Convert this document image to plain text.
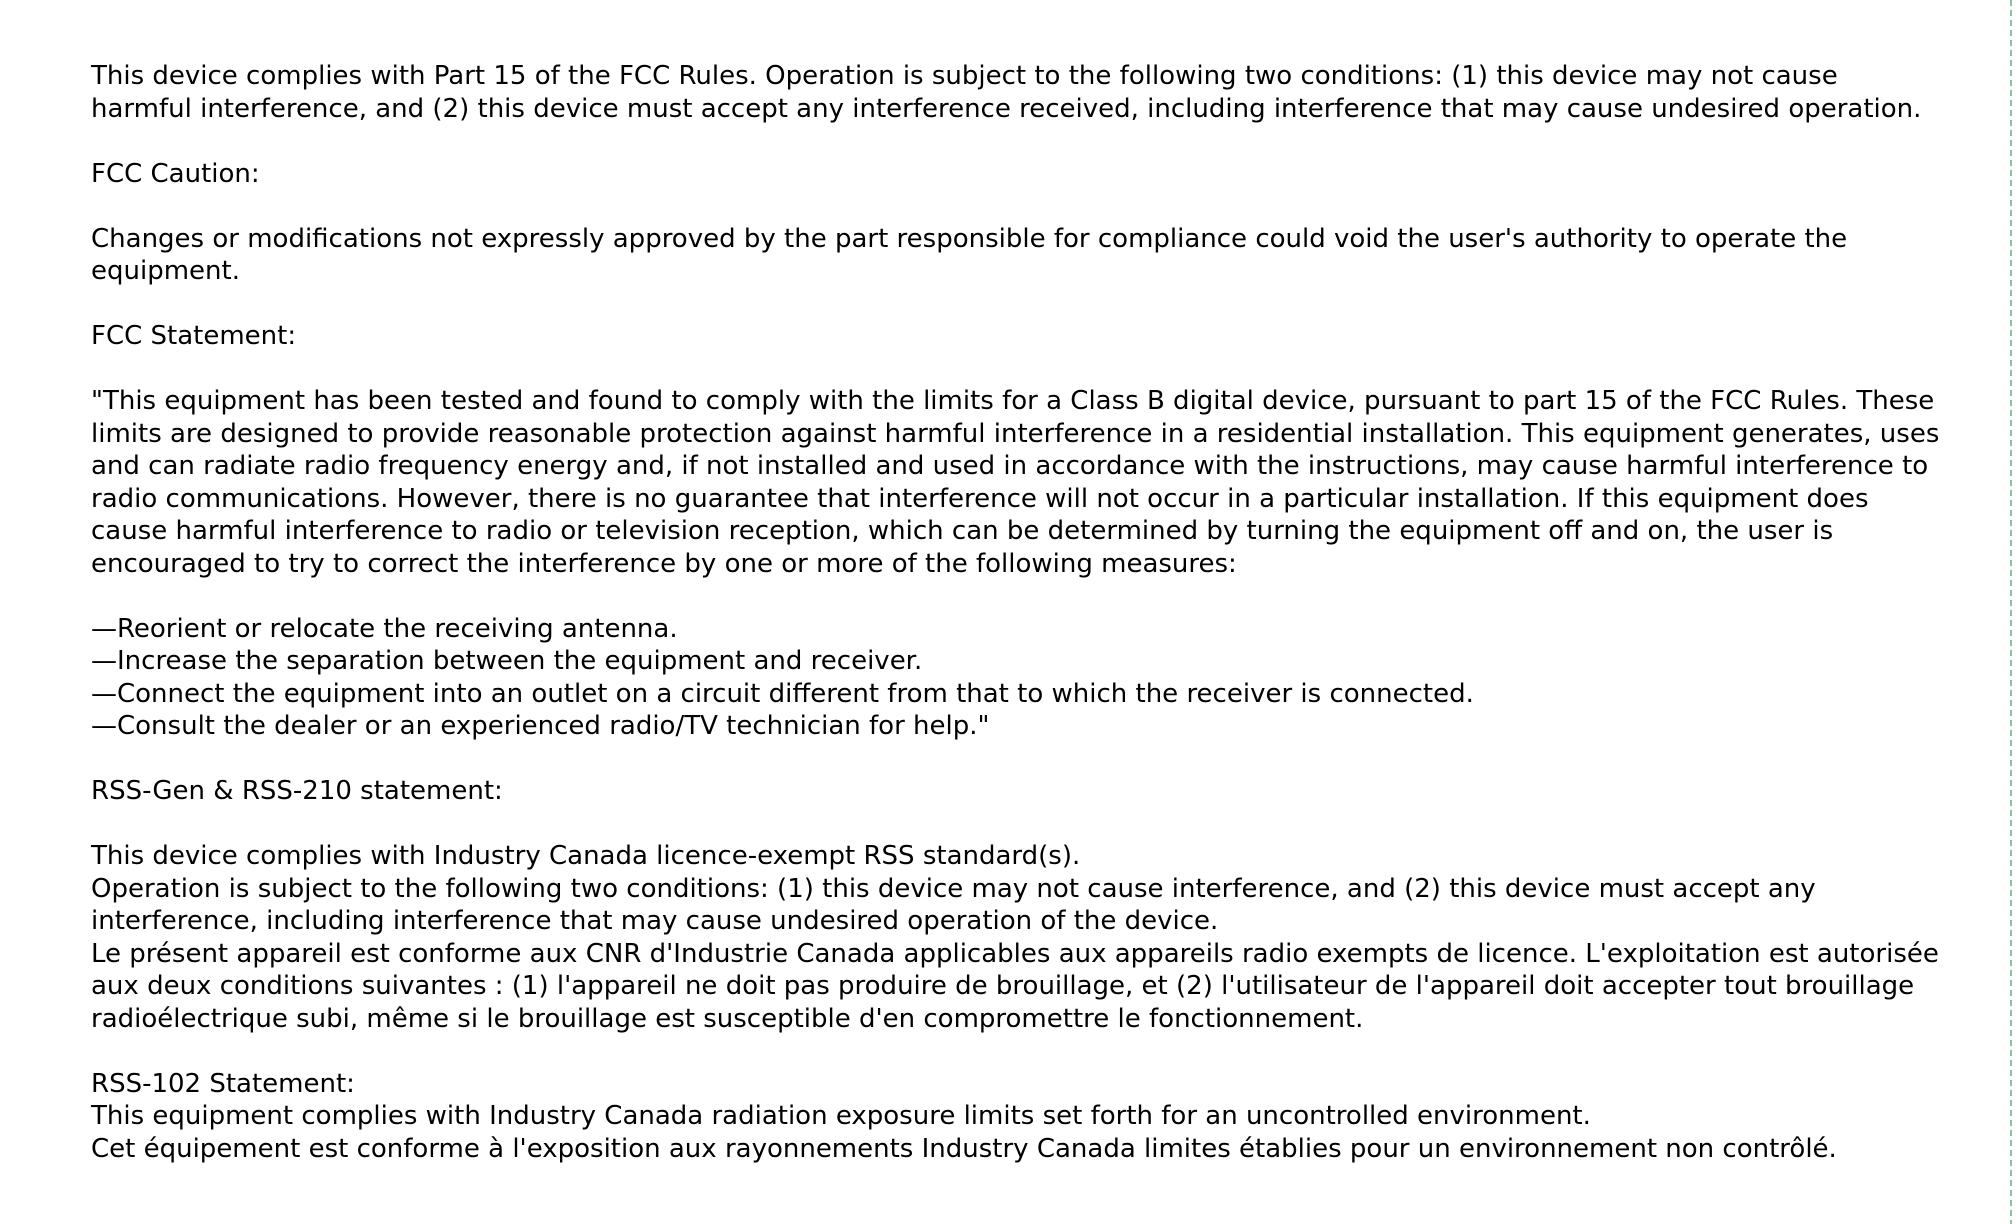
This device complies with Part 15 of the FCC Rules. Operation is subject to the following two conditions: (1) this device may not cause
harmful interference, and (2) this device must accept any interference received, including interference that may cause undesired operation.
FCC Caution:
Changes or modifications not expressly approved by the part responsible for compliance could void the user's authority to operate the
equipment.
FCC Statement:
"This equipment has been tested and found to comply with the limits for a Class B digital device, pursuant to part 15 of the FCC Rules. These
limits are designed to provide reasonable protection against harmful interference in a residential installation. This equipment generates, uses
and can radiate radio frequency energy and, if not installed and used in accordance with the instructions, may cause harmful interference to
radio communications. However, there is no guarantee that interference will not occur in a particular installation. If this equipment does
cause harmful interference to radio or television reception, which can be determined by turning the equipment off and on, the user is
encouraged to try to correct the interference by one or more of the following measures:
—Reorient or relocate the receiving antenna.
—Increase the separation between the equipment and receiver.
—Connect the equipment into an outlet on a circuit different from that to which the receiver is connected.
—Consult the dealer or an experienced radio/TV technician for help."
RSS-Gen & RSS-210 statement:
This device complies with Industry Canada licence-exempt RSS standard(s).
Operation is subject to the following two conditions: (1) this device may not cause interference, and (2) this device must accept any
interference, including interference that may cause undesired operation of the device.
Le présent appareil est conforme aux CNR d'Industrie Canada applicables aux appareils radio exempts de licence. L'exploitation est autorisée
aux deux conditions suivantes : (1) l'appareil ne doit pas produire de brouillage, et (2) l'utilisateur de l'appareil doit accepter tout brouillage
radioélectrique subi, même si le brouillage est susceptible d'en compromettre le fonctionnement.
RSS-102 Statement:
This equipment complies with Industry Canada radiation exposure limits set forth for an uncontrolled environment.
Cet équipement est conforme à l'exposition aux rayonnements Industry Canada limites établies pour un environnement non contrôlé.
